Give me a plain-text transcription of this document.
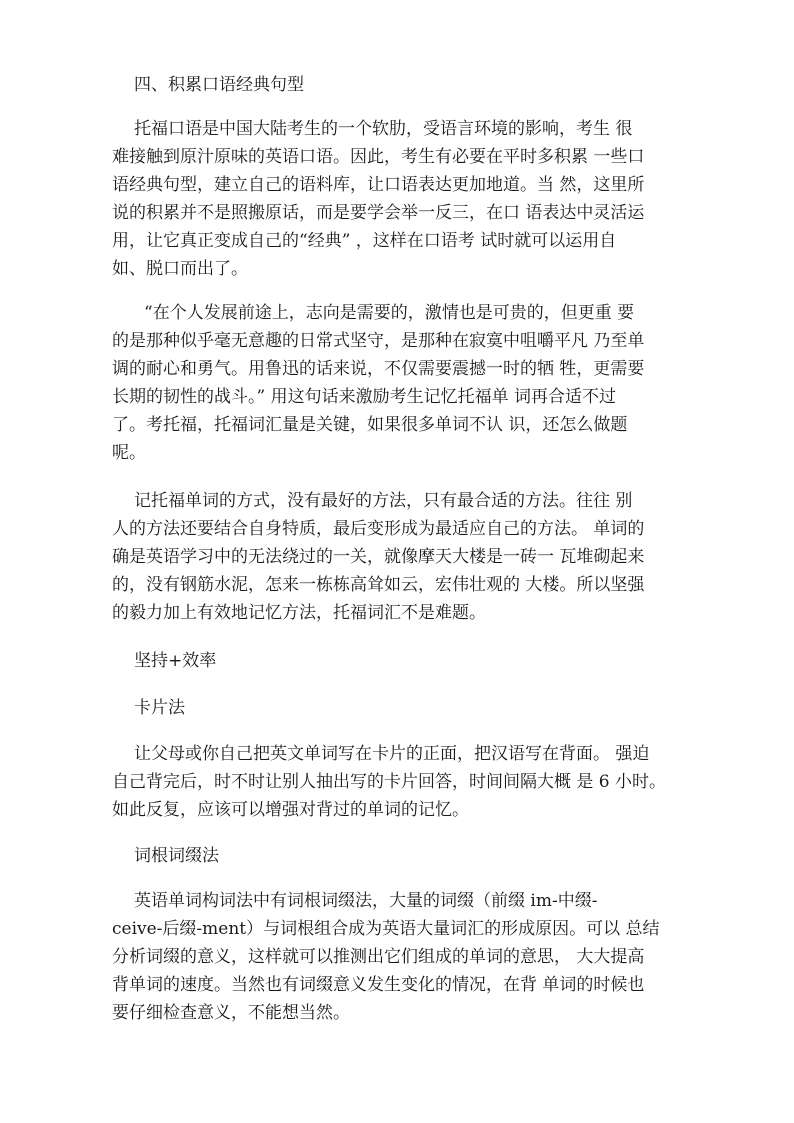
四、积累口语经典句型
托福口语是中国大陆考生的一个软肋，受语言环境的影响，考生 很
难接触到原汁原味的英语口语。因此，考生有必要在平时多积累 一些口
语经典句型，建立自己的语料库，让口语表达更加地道。当 然，这里所
说的积累并不是照搬原话，而是要学会举一反三，在口 语表达中灵活运
用，让它真正变成自己的“经典” ，这样在口语考 试时就可以运用自
如、脱口而出了。
“在个人发展前途上，志向是需要的，激情也是可贵的，但更重 要
的是那种似乎毫无意趣的日常式坚守，是那种在寂寞中咀嚼平凡 乃至单
调的耐心和勇气。用鲁迅的话来说，不仅需要震撼一时的牺 牲，更需要
长期的韧性的战斗。” 用这句话来激励考生记忆托福单 词再合适不过
了。考托福，托福词汇量是关键，如果很多单词不认 识，还怎么做题
呢。
记托福单词的方式，没有最好的方法，只有最合适的方法。往往 别
人的方法还要结合自身特质，最后变形成为最适应自己的方法。 单词的
确是英语学习中的无法绕过的一关，就像摩天大楼是一砖一 瓦堆砌起来
的，没有钢筋水泥，怎来一栋栋高耸如云，宏伟壮观的 大楼。所以坚强
的毅力加上有效地记忆方法，托福词汇不是难题。
坚持+效率
卡片法
让父母或你自己把英文单词写在卡片的正面，把汉语写在背面。 强迫
自己背完后，时不时让别人抽出写的卡片回答，时间间隔大概 是 6 小时。
如此反复，应该可以增强对背过的单词的记忆。
词根词缀法
英语单词构词法中有词根词缀法，大量的词缀（前缀 im-中缀-
ceive-后缀-ment）与词根组合成为英语大量词汇的形成原因。可以 总结
分析词缀的意义，这样就可以推测出它们组成的单词的意思， 大大提高
背单词的速度。当然也有词缀意义发生变化的情况，在背 单词的时候也
要仔细检查意义，不能想当然。
